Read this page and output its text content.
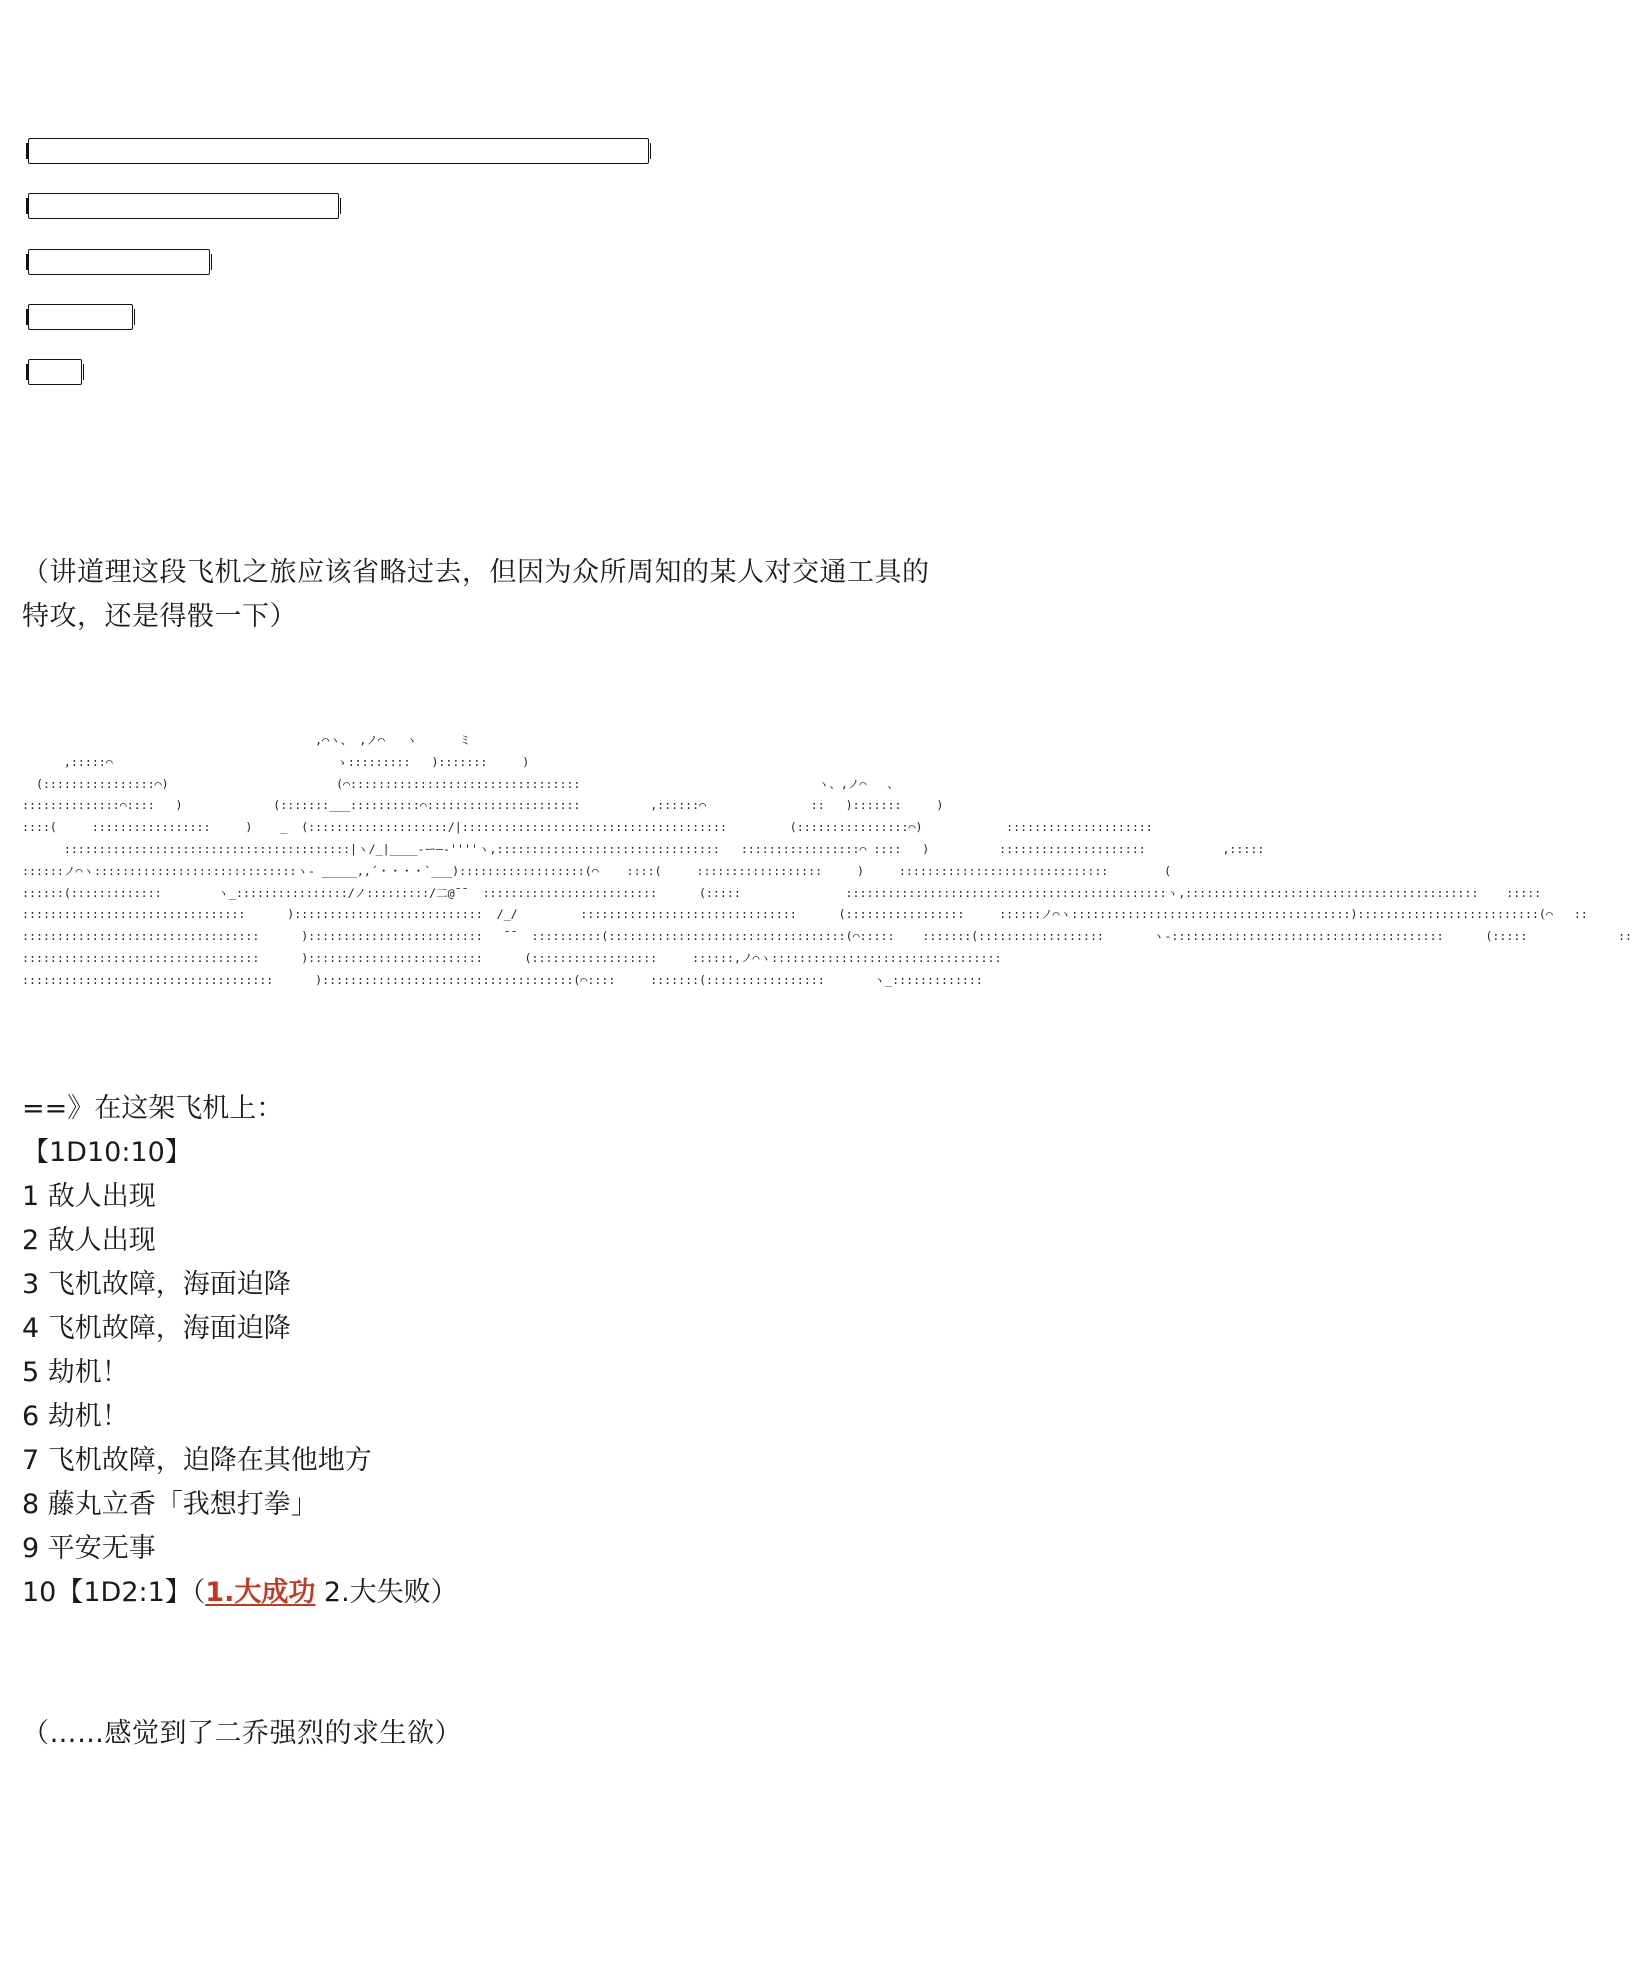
（讲道理这段飞机之旅应该省略过去，但因为众所周知的某人对交通工具的
特攻，还是得骰一下）

,⌒ヽ、 ,ノ⌒   ヽ      ミ
,:::::⌒                                ゝ:::::::::   ):::::::     )
(::::::::::::::::⌒)                        (⌒:::::::::::::::::::::::::::::::::                                  ヽ、,ノ⌒   、
::::::::::::::⌒::::   )             (:::::::___::::::::::⌒::::::::::::::::::::::          ,::::::⌒               ::   ):::::::     )
::::(     :::::::::::::::::     )    _  (::::::::::::::::::::/|::::::::::::::::::::::::::::::::::::::         (::::::::::::::::⌒)            :::::::::::::::::::::
:::::::::::::::::::::::::::::::::::::::::|ヽ/_|____-ー―‐''''ヽ,::::::::::::::::::::::::::::::::   :::::::::::::::::⌒ ::::   )          :::::::::::::::::::::           ,:::::
::::::ノ⌒ヽ:::::::::::::::::::::::::::::ヽ- _____,,´・・・・`___)::::::::::::::::::(⌒    ::::(     ::::::::::::::::::     )     ::::::::::::::::::::::::::::::        (
::::::(:::::::::::::        ヽ_::::::::::::::::/ノ:::::::::/二@¯¯  :::::::::::::::::::::::::      (:::::               ::::::::::::::::::::::::::::::::::::::::::::::ヽ,::::::::::::::::::::::::::::::::::::::::::    :::::
::::::::::::::::::::::::::::::::      ):::::::::::::::::::::::::::  /_/         :::::::::::::::::::::::::::::::      (:::::::::::::::::     ::::::ノ⌒ヽ::::::::::::::::::::::::::::::::::::::::)::::::::::::::::::::::::::(⌒   ::
::::::::::::::::::::::::::::::::::      ):::::::::::::::::::::::::   ¯¯  ::::::::::(::::::::::::::::::::::::::::::::::(⌒:::::    :::::::(::::::::::::::::::       ヽ-:::::::::::::::::::::::::::::::::::::::      (:::::             ::
::::::::::::::::::::::::::::::::::      ):::::::::::::::::::::::::      (::::::::::::::::::     ::::::,ノ⌒ヽ:::::::::::::::::::::::::::::::::
::::::::::::::::::::::::::::::::::::      )::::::::::::::::::::::::::::::::::::(⌒::::     :::::::(:::::::::::::::::       ヽ_:::::::::::::
==》在这架飞机上：
【1D10:10】
1 敌人出现
2 敌人出现
3 飞机故障，海面迫降
4 飞机故障，海面迫降
5 劫机！
6 劫机！
7 飞机故障，迫降在其他地方
8 藤丸立香「我想打拳」
9 平安无事
10【1D2:1】（1.大成功 2.大失败）

（……感觉到了二乔强烈的求生欲）
